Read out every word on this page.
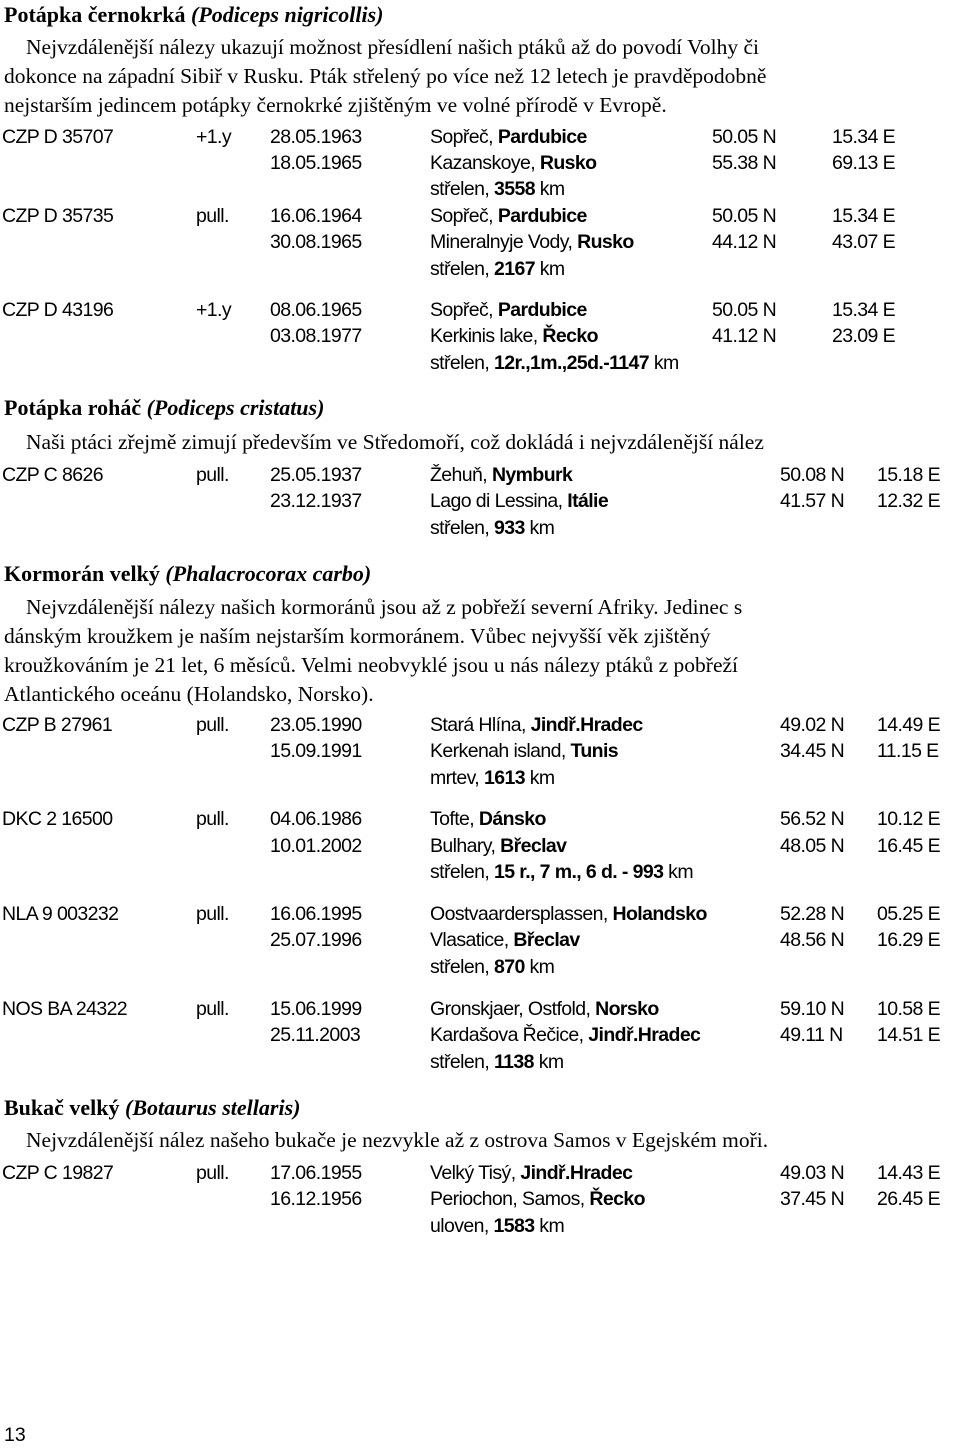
Potápka černokrká (Podiceps nigricollis)
Nejvzdálenější nálezy ukazují možnost přesídlení našich ptáků až do povodí Volhy či
dokonce na západní Sibiř v Rusku. Pták střelený po více než 12 letech je pravděpodobně
nejstarším jedincem potápky černokrké zjištěným ve volné přírodě v Evropě.
CZP D 35707	+1.y 28.05.1963	Sopřeč, Pardubice	50.05 N	15.34 E
18.05.1965	Kazanskoye, Rusko	55.38 N	69.13 E
střelen, 3558 km
CZP D 35735	pull. 16.06.1964	Sopřeč, Pardubice	50.05 N	15.34 E
30.08.1965	Mineralnyje Vody, Rusko	44.12 N	43.07 E
střelen, 2167 km
CZP D 43196	+1.y 08.06.1965	Sopřeč, Pardubice	50.05 N	15.34 E
03.08.1977	Kerkinis lake, Řecko	41.12 N	23.09 E
střelen, 12r.,1m.,25d.-1147 km
Potápka roháč (Podiceps cristatus)
Naši ptáci zřejmě zimují především ve Středomoří, což dokládá i nejvzdálenější nález
CZP C 8626	pull. 25.05.1937	Žehuň, Nymburk	50.08 N 15.18 E
23.12.1937	Lago di Lessina, Itálie	41.57 N 12.32 E
střelen, 933 km
Kormorán velký (Phalacrocorax carbo)
Nejvzdálenější nálezy našich kormoránů jsou až z pobřeží severní Afriky. Jedinec s
dánským kroužkem je naším nejstarším kormoránem. Vůbec nejvyšší věk zjištěný
kroužkováním je 21 let, 6 měsíců. Velmi neobvyklé jsou u nás nálezy ptáků z pobřeží
Atlantického oceánu (Holandsko, Norsko).
CZP B 27961	pull. 23.05.1990	Stará Hlína, Jindř.Hradec	49.02 N 14.49 E
15.09.1991	Kerkenah island, Tunis	34.45 N 11.15 E
mrtev, 1613 km
DKC 2 16500	pull. 04.06.1986	Tofte, Dánsko	56.52 N 10.12 E
10.01.2002	Bulhary, Břeclav	48.05 N 16.45 E
střelen, 15 r., 7 m., 6 d. - 993 km
NLA 9 003232	pull. 16.06.1995	Oostvaardersplassen, Holandsko	52.28 N 05.25 E
25.07.1996	Vlasatice, Břeclav	48.56 N 16.29 E
střelen, 870 km
NOS BA 24322	pull. 15.06.1999	Gronskjaer, Ostfold, Norsko	59.10 N 10.58 E
25.11.2003	Kardašova Řečice, Jindř.Hradec	49.11 N 14.51 E
střelen, 1138 km
Bukač velký (Botaurus stellaris)
Nejvzdálenější nález našeho bukače je nezvykle až z ostrova Samos v Egejském moři.
CZP C 19827	pull. 17.06.1955	Velký Tisý, Jindř.Hradec	49.03 N 14.43 E
16.12.1956	Periochon, Samos, Řecko	37.45 N 26.45 E
uloven, 1583 km
13
